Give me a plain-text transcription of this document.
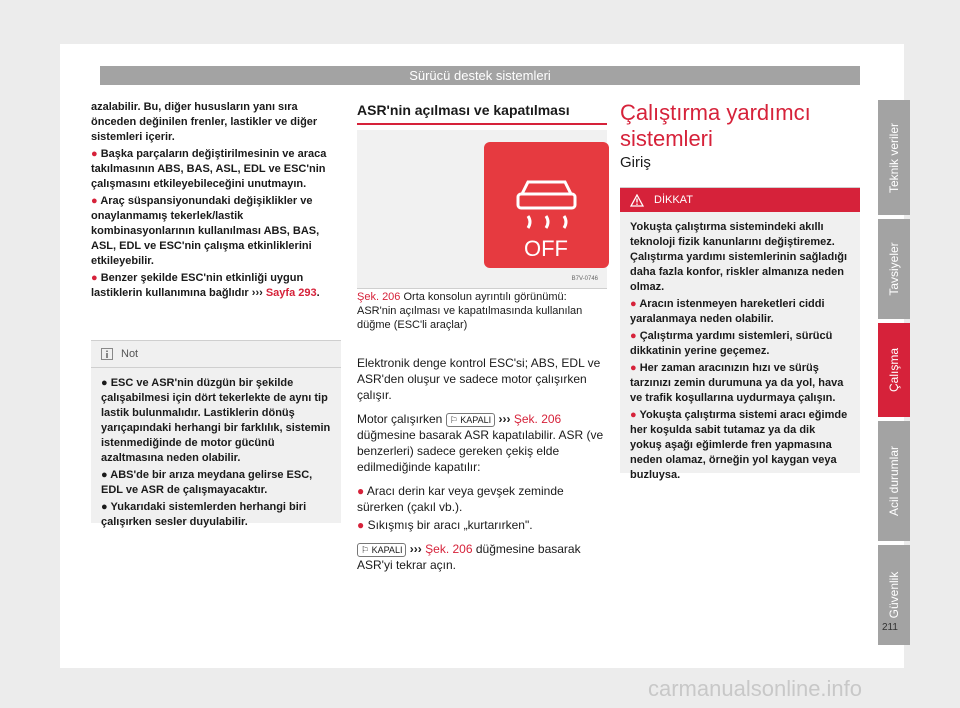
Sürücü destek sistemleri

azalabilir. Bu, diğer hususların yanı sıra önceden değinilen frenler, lastikler ve diğer sistemleri içerir.

● Başka parçaların değiştirilmesinin ve araca takılmasının ABS, BAS, ASL, EDL ve ESC'nin çalışmasını etkileyebileceğini unutmayın.

● Araç süspansiyonundaki değişiklikler ve onaylanmamış tekerlek/lastik kombinasyonlarının kullanılması ABS, BAS, ASL, EDL ve ESC'nin çalışma etkinliklerini etkileyebilir.

● Benzer şekilde ESC'nin etkinliği uygun lastiklerin kullanımına bağlıdır ››› Sayfa 293.

Not

● ESC ve ASR'nin düzgün bir şekilde çalışabilmesi için dört tekerlekte de aynı tip lastik bulunmalıdır. Lastiklerin dönüş yarıçapındaki herhangi bir farklılık, sistemin istenmediğinde de motor gücünü azaltmasına neden olabilir.

● ABS'de bir arıza meydana gelirse ESC, EDL ve ASR de çalışmayacaktır.

● Yukarıdaki sistemlerden herhangi biri çalışırken sesler duyulabilir.

ASR'nin açılması ve kapatılması
OFF
B7V-0746
Şek. 206 Orta konsolun ayrıntılı görünümü: ASR'nin açılması ve kapatılmasında kullanılan düğme (ESC'li araçlar)

Elektronik denge kontrol ESC'si; ABS, EDL ve ASR'den oluşur ve sadece motor çalışırken çalışır.

Motor çalışırken ⚐ KAPALI ››› Şek. 206 düğmesine basarak ASR kapatılabilir. ASR (ve benzerleri) sadece gereken çekiş elde edilmediğinde kapatılır:

● Aracı derin kar veya gevşek zeminde sürerken (çakıl vb.).

● Sıkışmış bir aracı „kurtarırken".

⚐ KAPALI ››› Şek. 206 düğmesine basarak ASR'yi tekrar açın.

Çalıştırma yardımcı sistemleri
Giriş
DİKKAT

Yokuşta çalıştırma sistemindeki akıllı teknoloji fizik kanunlarını değiştiremez. Çalıştırma yardımı sistemlerinin sağladığı daha fazla konfor, riskler almanıza neden olmaz.

● Aracın istenmeyen hareketleri ciddi yaralanmaya neden olabilir.

● Çalıştırma yardımı sistemleri, sürücü dikkatinin yerine geçemez.

● Her zaman aracınızın hızı ve sürüş tarzınızı zemin durumuna ya da yol, hava ve trafik koşullarına uydurmaya çalışın.

● Yokuşta çalıştırma sistemi aracı eğimde her koşulda sabit tutamaz ya da dik yokuş aşağı eğimlerde fren yapmasına neden olamaz, örneğin yol kaygan veya buzluysa.

Teknik veriler
Tavsiyeler
Çalışma
Acil durumlar
Güvenlik
211
carmanualsonline.info
